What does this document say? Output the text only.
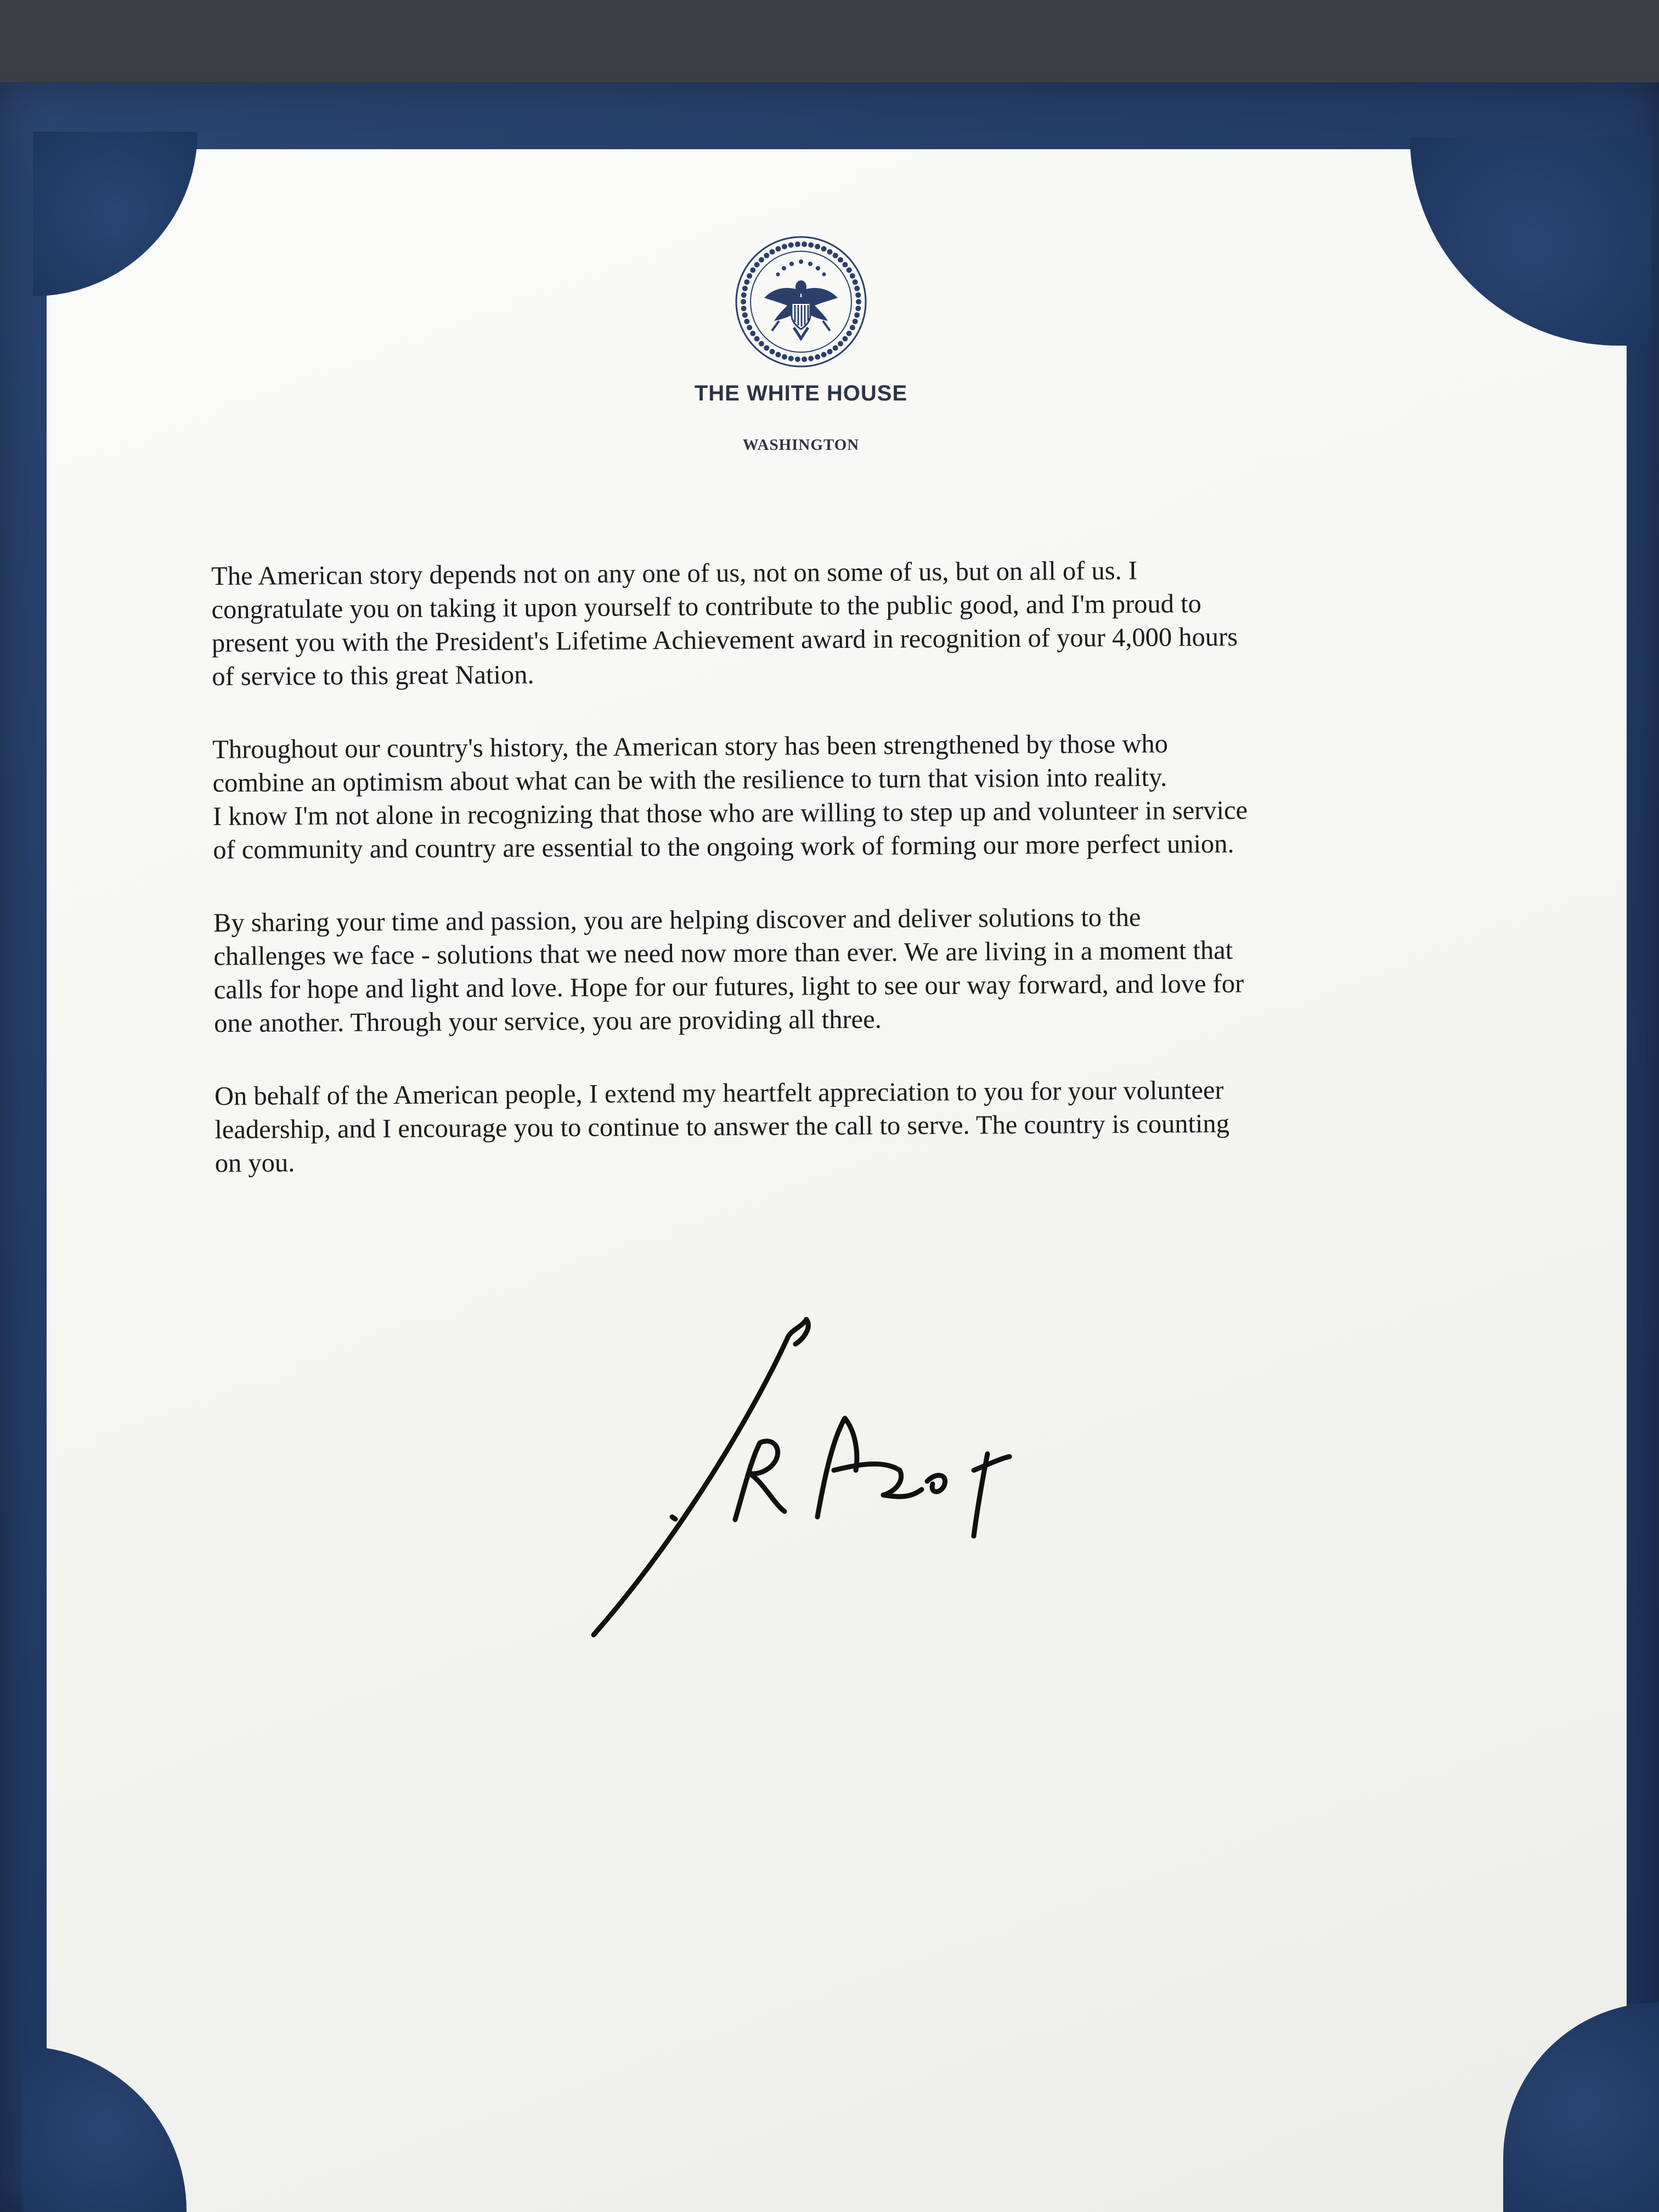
THE WHITE HOUSE
WASHINGTON

The American story depends not on any one of us, not on some of us, but on all of us. I
congratulate you on taking it upon yourself to contribute to the public good, and I'm proud to
present you with the President's Lifetime Achievement award in recognition of your 4,000 hours
of service to this great Nation.

Throughout our country's history, the American story has been strengthened by those who
combine an optimism about what can be with the resilience to turn that vision into reality.
I know I'm not alone in recognizing that those who are willing to step up and volunteer in service
of community and country are essential to the ongoing work of forming our more perfect union.

By sharing your time and passion, you are helping discover and deliver solutions to the
challenges we face - solutions that we need now more than ever. We are living in a moment that
calls for hope and light and love. Hope for our futures, light to see our way forward, and love for
one another. Through your service, you are providing all three.

On behalf of the American people, I extend my heartfelt appreciation to you for your volunteer
leadership, and I encourage you to continue to answer the call to serve. The country is counting
on you.
